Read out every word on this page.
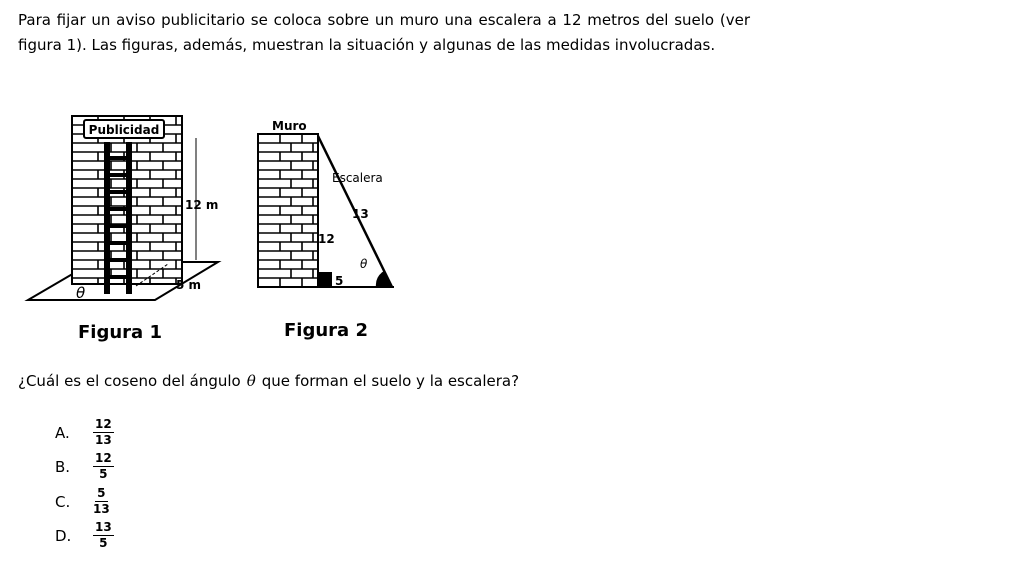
Para fijar un aviso publicitario se coloca sobre un muro una escalera a 12 metros del suelo (ver figura 1). Las figuras, además, muestran la situación y algunas de las medidas involucradas.
Publicidad
12 m
5 m
θ
Figura 1
Muro
Escalera
13
12
5
θ
Figura 2
¿Cuál es el coseno del ángulo θ que forman el suelo y la escalera?
A.	$\frac{12}{13}$
B.	$\frac{12}{5}$
C.	$\frac{5}{13}$
D.	$\frac{13}{5}$
